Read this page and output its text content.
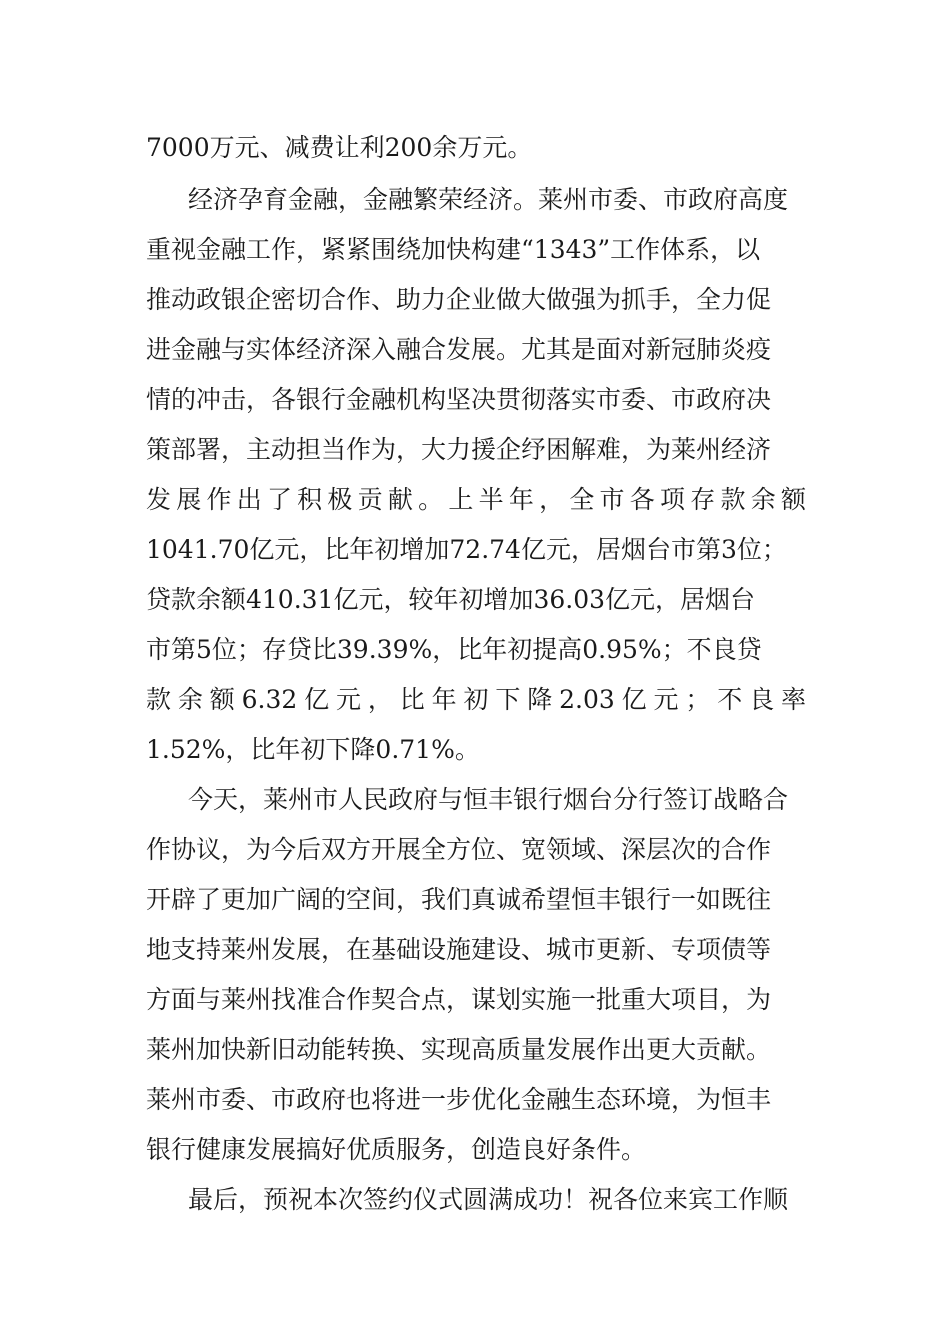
7000万元、减费让利200余万元。
经济孕育金融，金融繁荣经济。莱州市委、市政府高度
重视金融工作，紧紧围绕加快构建“1343”工作体系，以
推动政银企密切合作、助力企业做大做强为抓手，全力促
进金融与实体经济深入融合发展。尤其是面对新冠肺炎疫
情的冲击，各银行金融机构坚决贯彻落实市委、市政府决
策部署，主动担当作为，大力援企纾困解难，为莱州经济
发展作出了积极贡献。上半年，全市各项存款余额
1041.70亿元，比年初增加72.74亿元，居烟台市第3位；
贷款余额410.31亿元，较年初增加36.03亿元，居烟台
市第5位；存贷比39.39%，比年初提高0.95%；不良贷
款余额6.32亿元，比年初下降2.03亿元；不良率
1.52%，比年初下降0.71%。
今天，莱州市人民政府与恒丰银行烟台分行签订战略合
作协议，为今后双方开展全方位、宽领域、深层次的合作
开辟了更加广阔的空间，我们真诚希望恒丰银行一如既往
地支持莱州发展，在基础设施建设、城市更新、专项债等
方面与莱州找准合作契合点，谋划实施一批重大项目，为
莱州加快新旧动能转换、实现高质量发展作出更大贡献。
莱州市委、市政府也将进一步优化金融生态环境，为恒丰
银行健康发展搞好优质服务，创造良好条件。
最后，预祝本次签约仪式圆满成功！祝各位来宾工作顺
